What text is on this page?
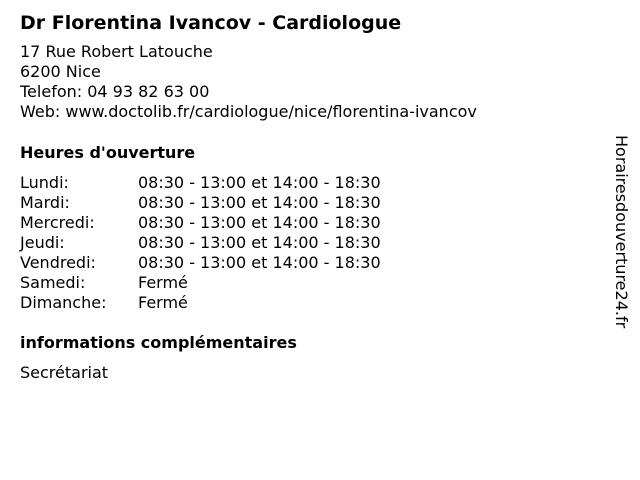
Dr Florentina Ivancov - Cardiologue
17 Rue Robert Latouche
6200 Nice
Telefon: 04 93 82 63 00
Web: www.doctolib.fr/cardiologue/nice/florentina-ivancov
Heures d'ouverture
Lundi:	08:30 - 13:00 et 14:00 - 18:30
Mardi:	08:30 - 13:00 et 14:00 - 18:30
Mercredi:	08:30 - 13:00 et 14:00 - 18:30
Jeudi:	08:30 - 13:00 et 14:00 - 18:30
Vendredi:	08:30 - 13:00 et 14:00 - 18:30
Samedi:	Fermé
Dimanche:	Fermé
informations complémentaires
Secrétariat
Horairesdouverture24.fr
